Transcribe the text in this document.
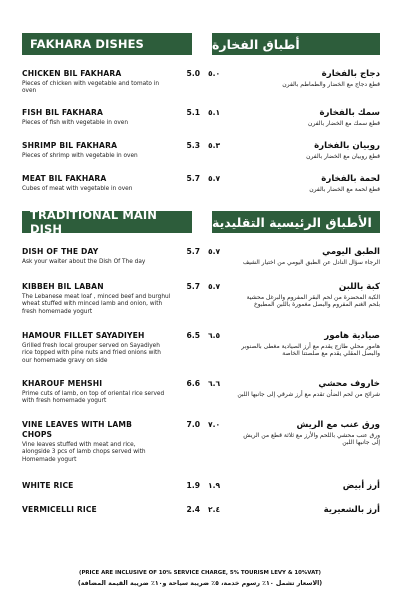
FAKHARA DISHES	أطباق الفخارة
CHICKEN BIL FAKHARA
Pieces of chicken with vegetable and tomato in oven
5.0 ٥.٠	دجاج بالفخارة
قطع دجاج مع الخضار والطماطم بالفرن
FISH BIL FAKHARA
Pieces of fish with vegetable in oven
5.1 ٥.١	سمك بالفخارة
قطع سمك مع الخضار بالفرن
SHRIMP BIL FAKHARA
Pieces of shrimp with vegetable in oven
5.3 ٥.٣	روبيان بالفخارة
قطع روبيان مع الخضار بالفرن
MEAT BIL FAKHARA
Cubes of meat with vegetable in oven
5.7 ٥.٧	لحمة بالفخارة
قطع لحمة مع الخضار بالفرن
TRADITIONAL MAIN DISH	الأطباق الرئيسية التقليدية
DISH OF THE DAY
Ask your waiter about the Dish Of The day
5.7 ٥.٧	الطبق اليومي
الرجاء سؤال النادل عن الطبق اليومي من اختيار الشيف
KIBBEH BIL LABAN
The Lebanese meat loaf , minced beef and burghul wheat stuffed with minced lamb and onion, with fresh homemade yogurt
5.7 ٥.٧	كبة باللبن
الكبة المحضرة من لحم البقر المفروم والبرغل محشية بلحم الغنم المفروم والبصل مغمورة باللبن المطبوخ
HAMOUR FILLET SAYADIYEH
Grilled fresh local grouper served on Sayadiyeh rice topped with pine nuts and fried onions with our homemade gravy on side
6.5 ٦.٥	صيادية هامور
هامور محلي طازج يقدم مع أرز الصيادية مغطى بالصنوبر والبصل المقلي يقدم مع صلصتنا الخاصة
KHAROUF MEHSHI
Prime cuts of lamb, on top of oriental rice served with fresh homemade yogurt
6.6 ٦.٦	خاروف محشي
شرائح من لحم الضأن تقدم مع أرز شرقي إلى جانبها اللبن
VINE LEAVES WITH LAMB CHOPS
Vine leaves stuffed with meat and rice, alongside 3 pcs of lamb chops served with Homemade yogurt
7.0 ٧.٠	ورق عنب مع الريش
ورق عنب محشي باللحم والأرز مع ثلاثة قطع من الريش إلى جانبها اللبن
WHITE RICE	1.9 ١.٩	أرز أبيض
VERMICELLI RICE	2.4 ٢.٤	أرز بالشعيرية
(PRICE ARE INCLUSIVE OF 10% SERVICE CHARGE, 5% TOURISM LEVY & 10%VAT)
(الاسعار تشمل ١٠٪ رسوم خدمة، ٥٪ ضريبة سياحة و١٠٪ ضريبة القيمة المضافة)
